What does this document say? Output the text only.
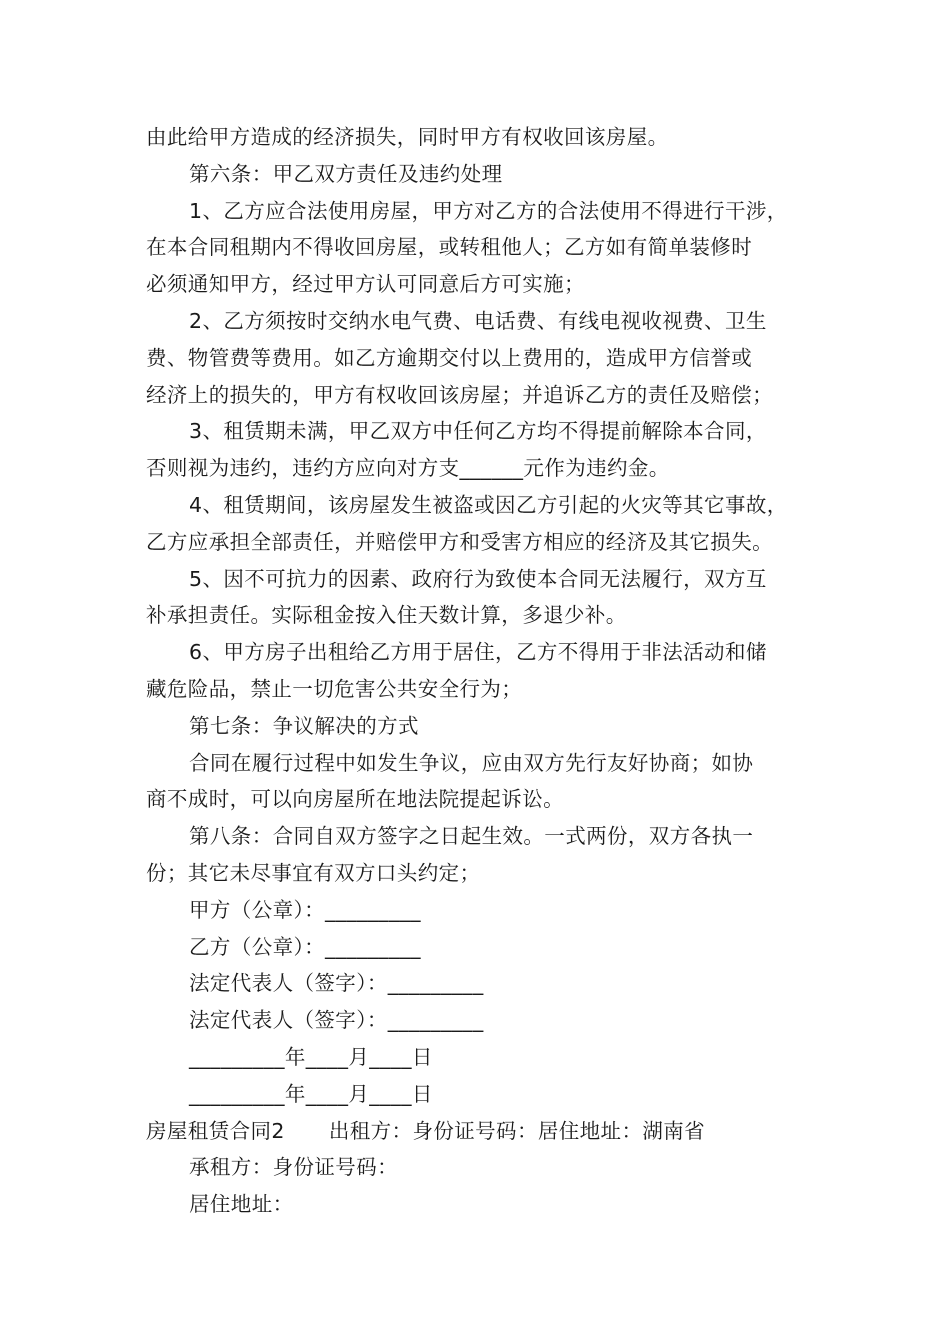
由此给甲方造成的经济损失，同时甲方有权收回该房屋。
第六条：甲乙双方责任及违约处理
1、乙方应合法使用房屋，甲方对乙方的合法使用不得进行干涉，
在本合同租期内不得收回房屋，或转租他人；乙方如有简单装修时
必须通知甲方，经过甲方认可同意后方可实施；
2、乙方须按时交纳水电气费、电话费、有线电视收视费、卫生
费、物管费等费用。如乙方逾期交付以上费用的，造成甲方信誉或
经济上的损失的，甲方有权收回该房屋；并追诉乙方的责任及赔偿；
3、租赁期未满，甲乙双方中任何乙方均不得提前解除本合同，
否则视为违约，违约方应向对方支______元作为违约金。
4、租赁期间，该房屋发生被盗或因乙方引起的火灾等其它事故，
乙方应承担全部责任，并赔偿甲方和受害方相应的经济及其它损失。
5、因不可抗力的因素、政府行为致使本合同无法履行，双方互
补承担责任。实际租金按入住天数计算，多退少补。
6、甲方房子出租给乙方用于居住，乙方不得用于非法活动和储
藏危险品，禁止一切危害公共安全行为；
第七条：争议解决的方式
合同在履行过程中如发生争议，应由双方先行友好协商；如协
商不成时，可以向房屋所在地法院提起诉讼。
第八条：合同自双方签字之日起生效。一式两份，双方各执一
份；其它未尽事宜有双方口头约定；
甲方（公章）：_________
乙方（公章）：_________
法定代表人（签字）：_________
法定代表人（签字）：_________
_________年____月____日
_________年____月____日
房屋租赁合同2 出租方：身份证号码：居住地址：湖南省
承租方：身份证号码：
居住地址：
